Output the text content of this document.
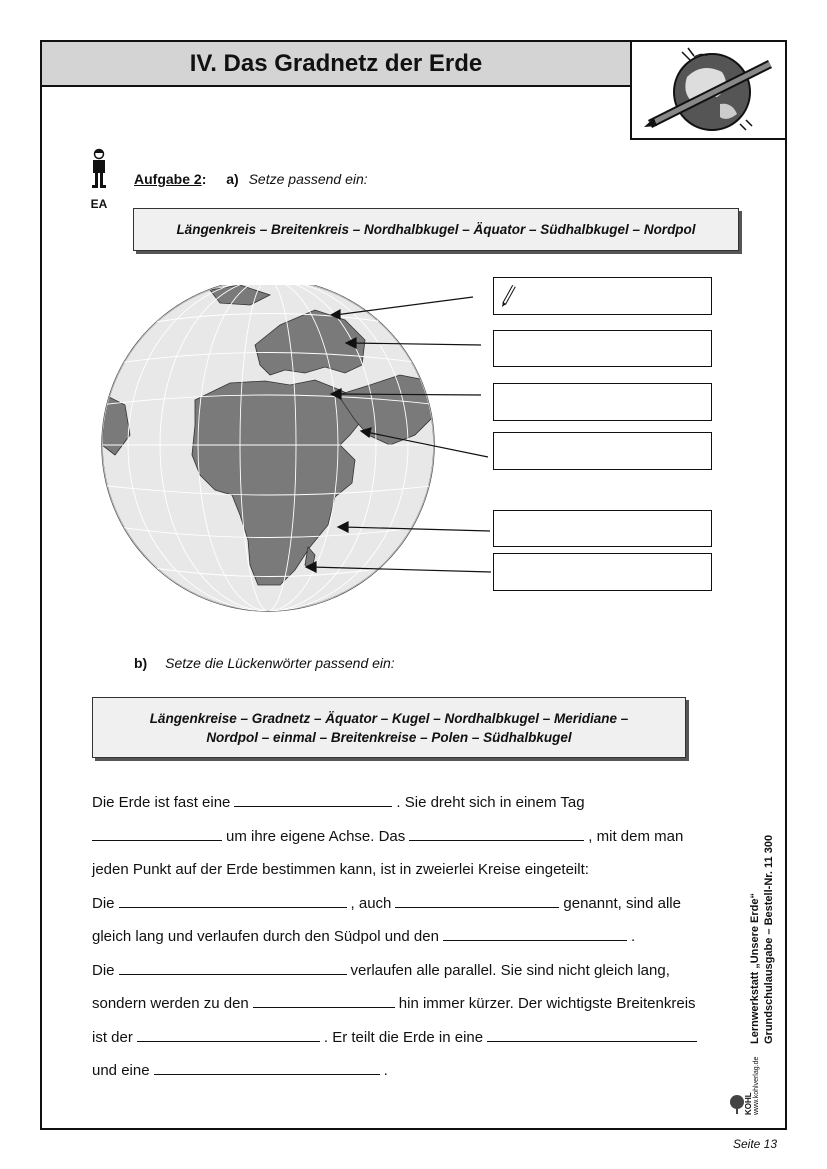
IV. Das Gradnetz der Erde
EA
Aufgabe 2: a) Setze passend ein:
Längenkreis – Breitenkreis – Nordhalbkugel – Äquator – Südhalbkugel – Nordpol
b) Setze die Lückenwörter passend ein:
Längenkreise – Gradnetz – Äquator – Kugel – Nordhalbkugel – Meridiane –
Nordpol – einmal – Breitenkreise – Polen – Südhalbkugel
Die Erde ist fast eine	. Sie dreht sich in einem Tag
um ihre eigene Achse. Das	, mit dem man
jeden Punkt auf der Erde bestimmen kann, ist in zweierlei Kreise eingeteilt:
Die	, auch	genannt, sind alle
gleich lang und verlaufen durch den Südpol und den	.
Die	verlaufen alle parallel. Sie sind nicht gleich lang,
sondern werden zu den	hin immer kürzer. Der wichtigste Breitenkreis
ist der	. Er teilt die Erde in eine
und eine	.
Lernwerkstatt „Unsere Erde“ Grundschulausgabe – Bestell-Nr. 11 300
KOHL www.kohlverlag.de
Seite 13
